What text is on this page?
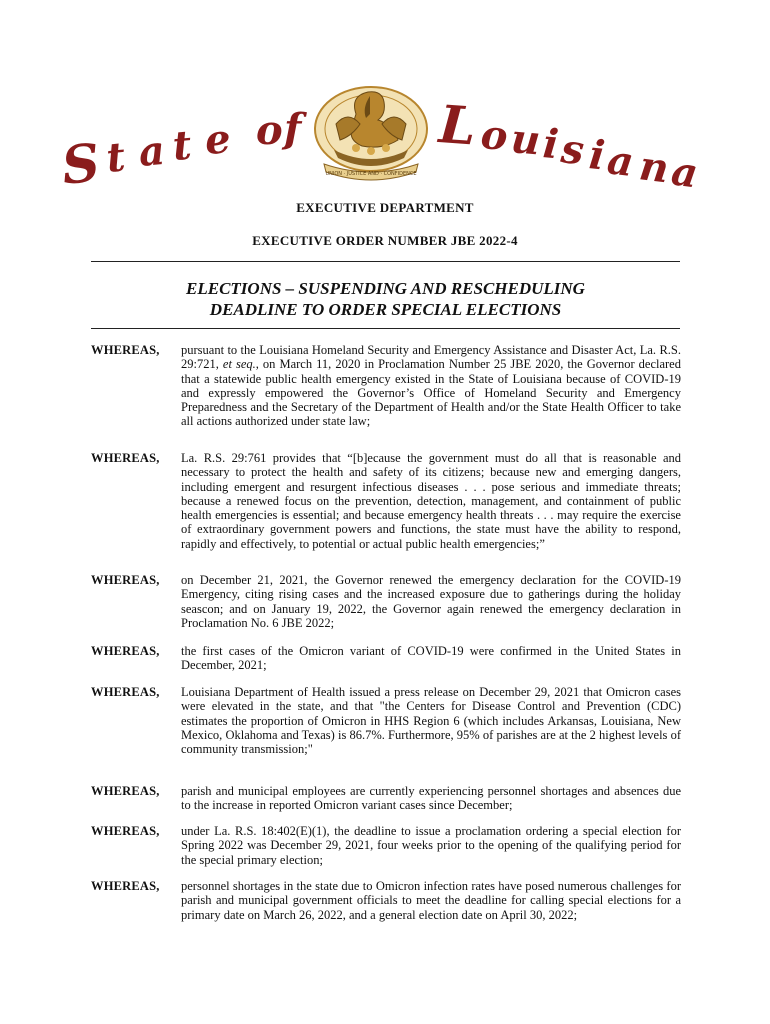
S t a t e o f
UNION · JUSTICE AND · CONFIDENCE
L o u
i
s i
a n
a
EXECUTIVE DEPARTMENT
EXECUTIVE ORDER NUMBER JBE 2022-4
ELECTIONS – SUSPENDING AND RESCHEDULING
DEADLINE TO ORDER SPECIAL ELECTIONS
WHEREAS, pursuant to the Louisiana Homeland Security and Emergency Assistance and Disaster Act, La. R.S. 29:721, et seq., on March 11, 2020 in Proclamation Number 25 JBE 2020, the Governor declared that a statewide public health emergency existed in the State of Louisiana because of COVID-19 and expressly empowered the Governor’s Office of Homeland Security and Emergency Preparedness and the Secretary of the Department of Health and/or the State Health Officer to take all actions authorized under state law;
WHEREAS, La. R.S. 29:761 provides that “[b]ecause the government must do all that is reasonable and necessary to protect the health and safety of its citizens; because new and emerging dangers, including emergent and resurgent infectious diseases . . . pose serious and immediate threats; because a renewed focus on the prevention, detection, management, and containment of public health emergencies is essential; and because emergency health threats . . . may require the exercise of extraordinary government powers and functions, the state must have the ability to respond, rapidly and effectively, to potential or actual public health emergencies;”
WHEREAS, on December 21, 2021, the Governor renewed the emergency declaration for the COVID-19 Emergency, citing rising cases and the increased exposure due to gatherings during the holiday seascon; and on January 19, 2022, the Governor again renewed the emergency declaration in Proclamation No. 6 JBE 2022;
WHEREAS, the first cases of the Omicron variant of COVID-19 were confirmed in the United States in December, 2021;
WHEREAS, Louisiana Department of Health issued a press release on December 29, 2021 that Omicron cases were elevated in the state, and that "the Centers for Disease Control and Prevention (CDC) estimates the proportion of Omicron in HHS Region 6 (which includes Arkansas, Louisiana, New Mexico, Oklahoma and Texas) is 86.7%. Furthermore, 95% of parishes are at the 2 highest levels of community transmission;"
WHEREAS, parish and municipal employees are currently experiencing personnel shortages and absences due to the increase in reported Omicron variant cases since December;
WHEREAS, under La. R.S. 18:402(E)(1), the deadline to issue a proclamation ordering a special election for Spring 2022 was December 29, 2021, four weeks prior to the opening of the qualifying period for the special primary election;
WHEREAS, personnel shortages in the state due to Omicron infection rates have posed numerous challenges for parish and municipal government officials to meet the deadline for calling special elections for a primary date on March 26, 2022, and a general election date on April 30, 2022;
